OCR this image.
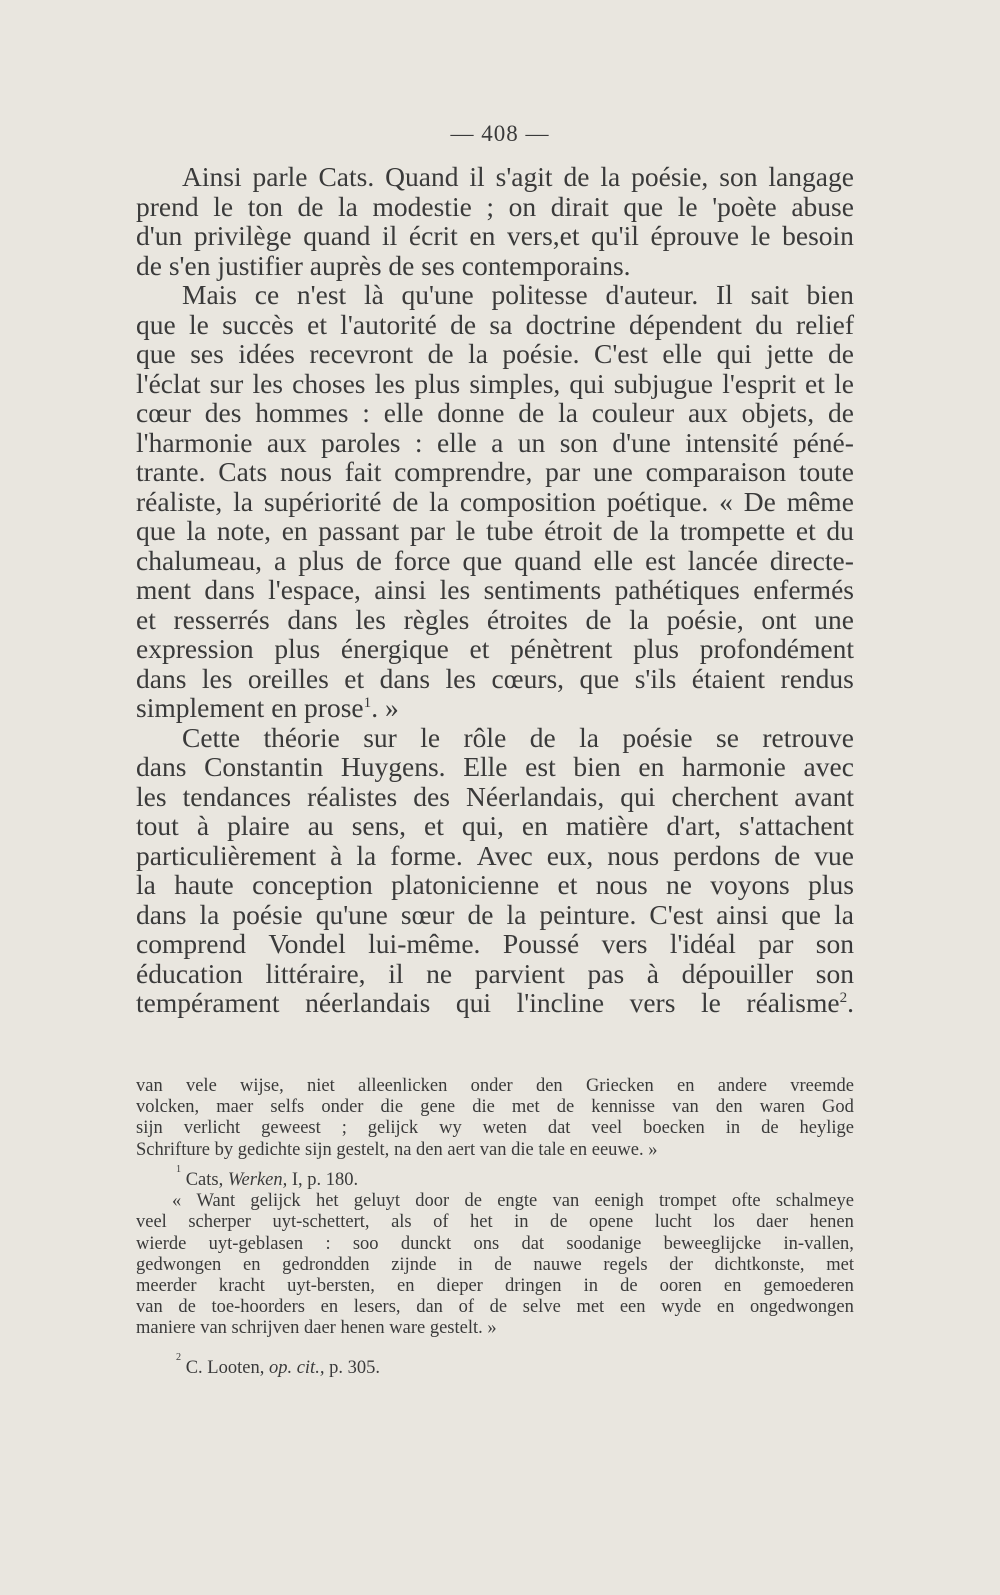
— 408 —
Ainsi parle Cats. Quand il s'agit de la poésie, son langage
prend le ton de la modestie ; on dirait que le 'poète abuse
d'un privilège quand il écrit en vers,et qu'il éprouve le besoin
de s'en justifier auprès de ses contemporains.
Mais ce n'est là qu'une politesse d'auteur. Il sait bien
que le succès et l'autorité de sa doctrine dépendent du relief
que ses idées recevront de la poésie. C'est elle qui jette de
l'éclat sur les choses les plus simples, qui subjugue l'esprit et le
cœur des hommes : elle donne de la couleur aux objets, de
l'harmonie aux paroles : elle a un son d'une intensité péné-
trante. Cats nous fait comprendre, par une comparaison toute
réaliste, la supériorité de la composition poétique. « De même
que la note, en passant par le tube étroit de la trompette et du
chalumeau, a plus de force que quand elle est lancée directe-
ment dans l'espace, ainsi les sentiments pathétiques enfermés
et resserrés dans les règles étroites de la poésie, ont une
expression plus énergique et pénètrent plus profondément
dans les oreilles et dans les cœurs, que s'ils étaient rendus
simplement en prose$^1$. »
Cette théorie sur le rôle de la poésie se retrouve
dans Constantin Huygens. Elle est bien en harmonie avec
les tendances réalistes des Néerlandais, qui cherchent avant
tout à plaire au sens, et qui, en matière d'art, s'attachent
particulièrement à la forme. Avec eux, nous perdons de vue
la haute conception platonicienne et nous ne voyons plus
dans la poésie qu'une sœur de la peinture. C'est ainsi que la
comprend Vondel lui-même. Poussé vers l'idéal par son
éducation littéraire, il ne parvient pas à dépouiller son
tempérament néerlandais qui l'incline vers le réalisme$^2$.
van vele wijse, niet alleenlicken onder den Griecken en andere vreemde
volcken, maer selfs onder die gene die met de kennisse van den waren God
sijn verlicht geweest ; gelijck wy weten dat veel boecken in de heylige
Schrifture by gedichte sijn gestelt, na den aert van die tale en eeuwe. »
1

Cats,
Werken,
I, p. 180.
« Want gelijck het geluyt door de engte van eenigh trompet ofte schalmeye
veel scherper uyt-schettert, als of het in de opene lucht los daer henen
wierde uyt-geblasen : soo dunckt ons dat soodanige beweeglijcke in-vallen,
gedwongen en gedrondden zijnde in de nauwe regels der dichtkonste, met
meerder kracht uyt-bersten, en dieper dringen in de ooren en gemoederen
van de toe-hoorders en lesers, dan of de selve met een wyde en ongedwongen
maniere van schrijven daer henen ware gestelt. »
2

C. Looten,
op. cit.,
p. 305.
